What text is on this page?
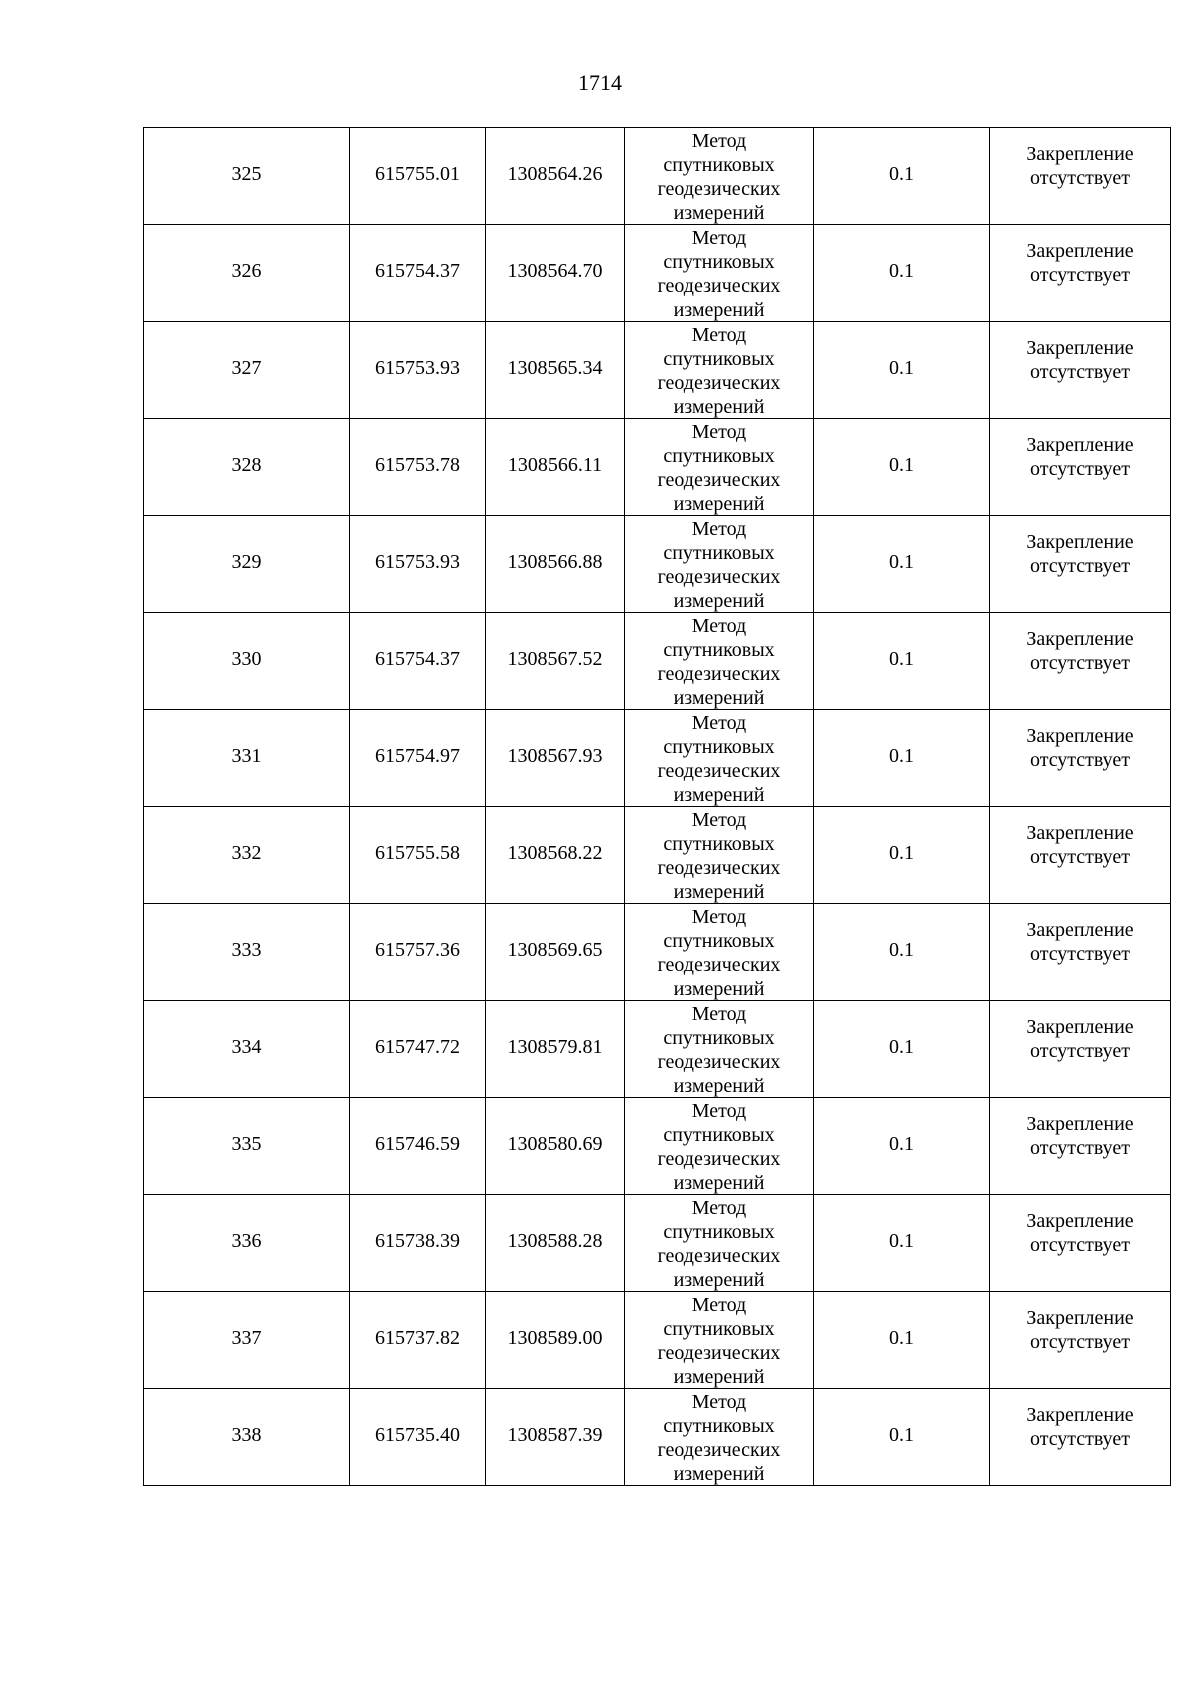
1714
325	615755.01	1308564.26	Метод
спутниковых
геодезических
измерений	0.1	Закрепление
отсутствует
326	615754.37	1308564.70	Метод
спутниковых
геодезических
измерений	0.1	Закрепление
отсутствует
327	615753.93	1308565.34	Метод
спутниковых
геодезических
измерений	0.1	Закрепление
отсутствует
328	615753.78	1308566.11	Метод
спутниковых
геодезических
измерений	0.1	Закрепление
отсутствует
329	615753.93	1308566.88	Метод
спутниковых
геодезических
измерений	0.1	Закрепление
отсутствует
330	615754.37	1308567.52	Метод
спутниковых
геодезических
измерений	0.1	Закрепление
отсутствует
331	615754.97	1308567.93	Метод
спутниковых
геодезических
измерений	0.1	Закрепление
отсутствует
332	615755.58	1308568.22	Метод
спутниковых
геодезических
измерений	0.1	Закрепление
отсутствует
333	615757.36	1308569.65	Метод
спутниковых
геодезических
измерений	0.1	Закрепление
отсутствует
334	615747.72	1308579.81	Метод
спутниковых
геодезических
измерений	0.1	Закрепление
отсутствует
335	615746.59	1308580.69	Метод
спутниковых
геодезических
измерений	0.1	Закрепление
отсутствует
336	615738.39	1308588.28	Метод
спутниковых
геодезических
измерений	0.1	Закрепление
отсутствует
337	615737.82	1308589.00	Метод
спутниковых
геодезических
измерений	0.1	Закрепление
отсутствует
338	615735.40	1308587.39	Метод
спутниковых
геодезических
измерений	0.1	Закрепление
отсутствует
